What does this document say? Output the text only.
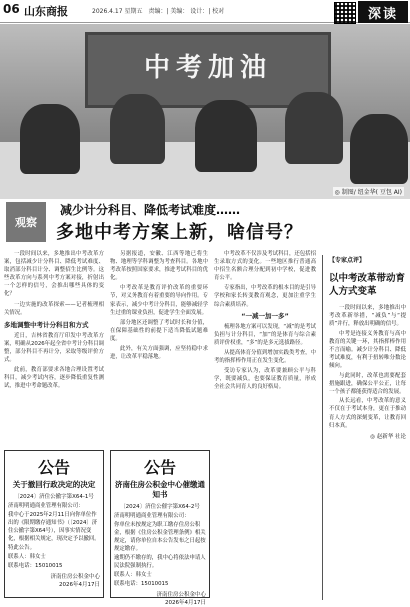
06 山东商报	2026.4.17 星期五　责编：| 美编： 设计：| 校对	深读
中考加油
◎ 制图/ 纽金华( 豆包 AI)
观察
减少计分科目、降低考试难度……
多地中考方案上新，啥信号？

一段时间以来，多地推出中考改革方案，包括减少计分科目、降低考试难度、取消部分科目计分、调整招生比例等。这些改革方向与系列中考方案对接，折射出一个怎样的信号，会推出哪些具体的变化？

一边实施的改革探索——记者梳理相关情况。

多地调整中考计分科目和方式

近日，吉林省教育厅印发中考改革方案，明确从2026年起全省中考计分科目调整，部分科目不再计分，采取等级评价方式。

此前，教育部要求各地合理设置考试科目，减少考试内容，逐步降低重复性测试，推进中考命题改革。

另据报道，安徽、江西等地已将生物、地理等学科调整为考查科目。各地中考改革按照国家要求，推进考试科目的优化。

中考改革是教育评价改革的重要环节，对义务教育有着重要的导向作用。专家表示，减少中考计分科目，能够减轻学生过重的课业负担，促进学生全面发展。

部分地区还调整了考试时长和分值，在保障基础性的前提下适当降低试题难度。

此外，有关方面强调，应坚持稳中求进，让改革平稳落地。

中考改革不仅涉及考试科目，还包括招生录取方式的变化。一些地区推行普通高中招生名额合理分配到初中学校，促进教育公平。

专家指出，中考改革的根本目的是引导学校和家长转变教育观念，更加注重学生综合素质培养。

“一减一加一多”

梳理各地方案可以发现，“减”的是考试负担与计分科目，“加”的是体育与综合素质评价权重，“多”的是多元选拔路径。

从提高体育分值到增加实践类考查，中考的指挥棒作用正在发生变化。

受访专家认为，改革要兼顾公平与科学，既要减负，也要保证教育质量，形成全社会共同育人的良好格局。

公告
关于撤回行政决定的决定
〔2024〕济住公撤字第X64-1号

济南明明通商业管理有限公司：

我中心于2025年2月11日向你单位作出的《限期缴存通知书》（〔2024〕济住公撤字第X64号），因事实情况变化，根据相关规定，现决定予以撤回。

特此公告。

联系人：韩女士

联系电话：15010015

济南住房公积金中心
2026年4月17日
公告
济南住房公积金中心催缴通知书
〔2024〕济住公催字第X64-2号

济南明明通商业管理有限公司：

你单位未按规定为职工缴存住房公积金，根据《住房公积金管理条例》相关规定，请你单位自本公告发布之日起按规定缴存。

逾期仍不缴存的，我中心将依法申请人民法院强制执行。

联系人：韩女士

联系电话：15010015

济南住房公积金中心
2026年4月17日
【专家点评】
以中考改革带动育人方式变革

一段时间以来，多地推出中考改革新举措，“减负”与“提质”并行，释放出明确的信号。

中考是连接义务教育与高中教育的关键一环，其指挥棒作用不言而喻。减少计分科目、降低考试难度，有利于扭转唯分数论倾向。

与此同时，改革也需要配套措施跟进，确保公平公正，让每一个孩子都能获得适合的发展。

从长远看，中考改革的意义不仅在于考试本身，更在于推动育人方式的深刻变革，让教育回归本真。

◎ 赵新华 社论
